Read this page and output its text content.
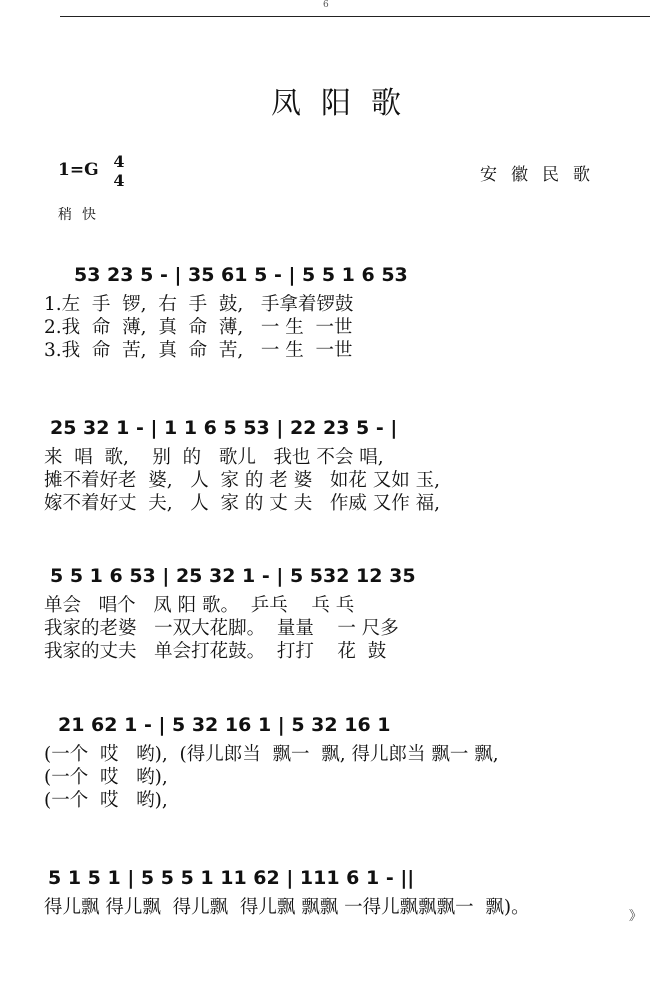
6
凤阳歌
1=G 4
4	安徽民歌
稍快
53 23 5 - | 35 61 5 - | 5 5 1 6 53
1.左  手  锣,  右  手  鼓,   手拿着锣鼓
2.我  命  薄,  真  命  薄,   一 生  一世
3.我  命  苦,  真  命  苦,   一 生  一世
25 32 1 - | 1 1 6 5 53 | 22 23 5 - |
来  唱  歌,    别  的   歌儿   我也 不会 唱,
摊不着好老  婆,   人  家 的 老 婆   如花 又如 玉,
嫁不着好丈  夫,   人  家 的 丈 夫   作威 又作 福,
5 5 1 6 53 | 25 32 1 - | 5 532 12 35
单会   唱个   凤 阳 歌。  乒乓    乓 乓
我家的老婆   一双大花脚。  量量    一 尺多
我家的丈夫   单会打花鼓。  打打    花  鼓
21 62 1 - | 5 32 16 1 | 5 32 16 1
(一个  哎   哟),  (得儿郎当  飘一  飘, 得儿郎当 飘一 飘,
(一个  哎   哟),
(一个  哎   哟),
5 1 5 1 | 5 5 5 1 11 62 | 111 6 1 - ||
得儿飘 得儿飘  得儿飘  得儿飘 飘飘 一得儿飘飘飘一  飘)。	》
